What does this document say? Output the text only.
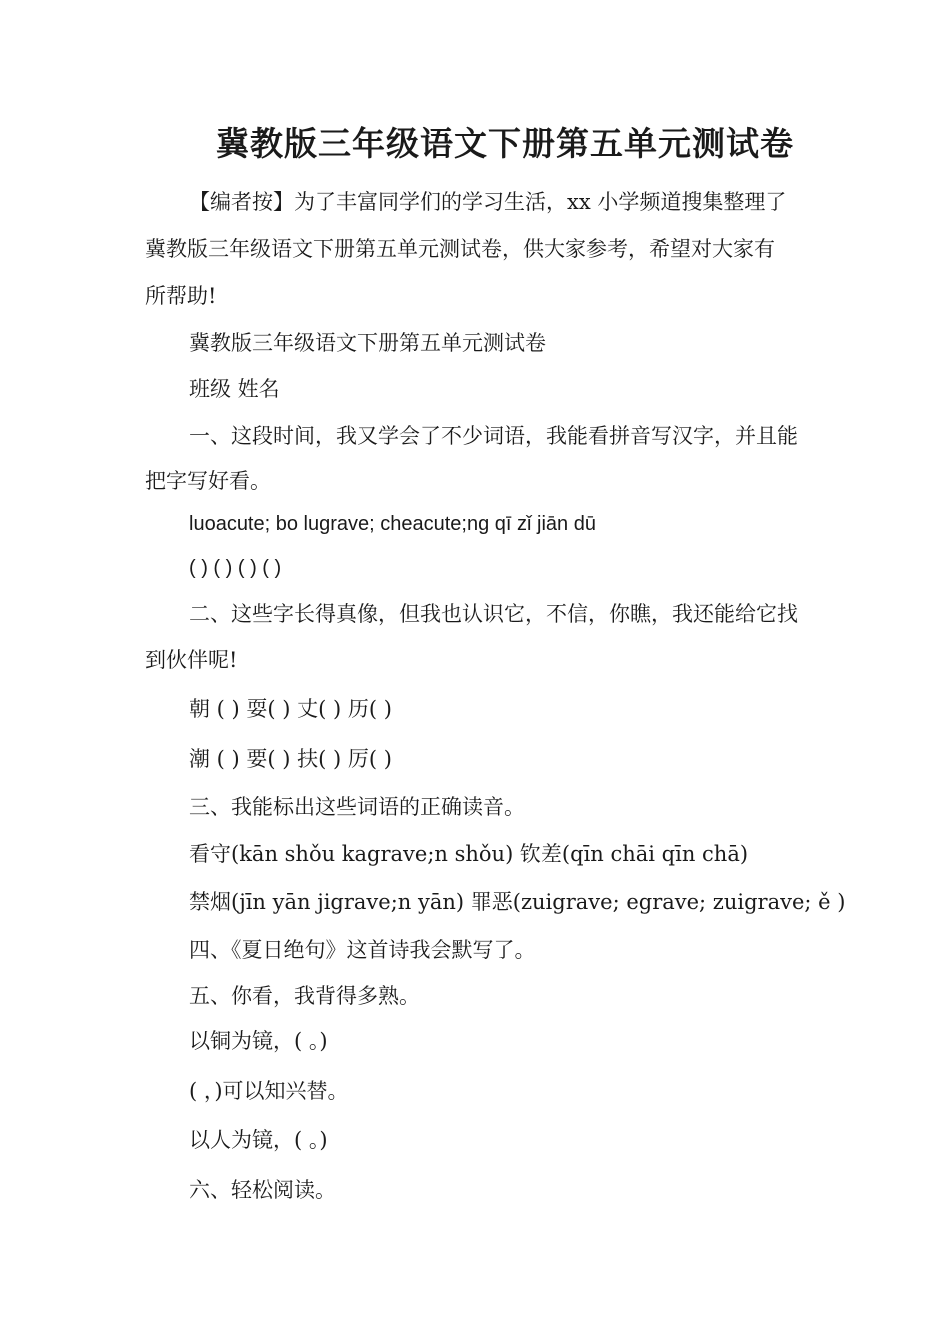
冀教版三年级语文下册第五单元测试卷
【编者按】为了丰富同学们的学习生活，xx 小学频道搜集整理了
冀教版三年级语文下册第五单元测试卷，供大家参考，希望对大家有
所帮助!
冀教版三年级语文下册第五单元测试卷
班级 姓名
一、这段时间，我又学会了不少词语，我能看拼音写汉字，并且能
把字写好看。
luoacute; bo lugrave; cheacute;ng qī zǐ jiān dū
( ) ( ) ( ) ( )
二、这些字长得真像，但我也认识它，不信，你瞧，我还能给它找
到伙伴呢!
朝 ( ) 耍( ) 丈( ) 历( )
潮 ( ) 要( ) 扶( ) 厉( )
三、我能标出这些词语的正确读音。
看守(kān shǒu kagrave;n shǒu) 钦差(qīn chāi qīn chā)
禁烟(jīn yān jigrave;n yān) 罪恶(zuigrave; egrave; zuigrave; ě )
四、《夏日绝句》这首诗我会默写了。
五、你看，我背得多熟。
以铜为镜，( 。)
( ，)可以知兴替。
以人为镜，( 。)
六、轻松阅读。
